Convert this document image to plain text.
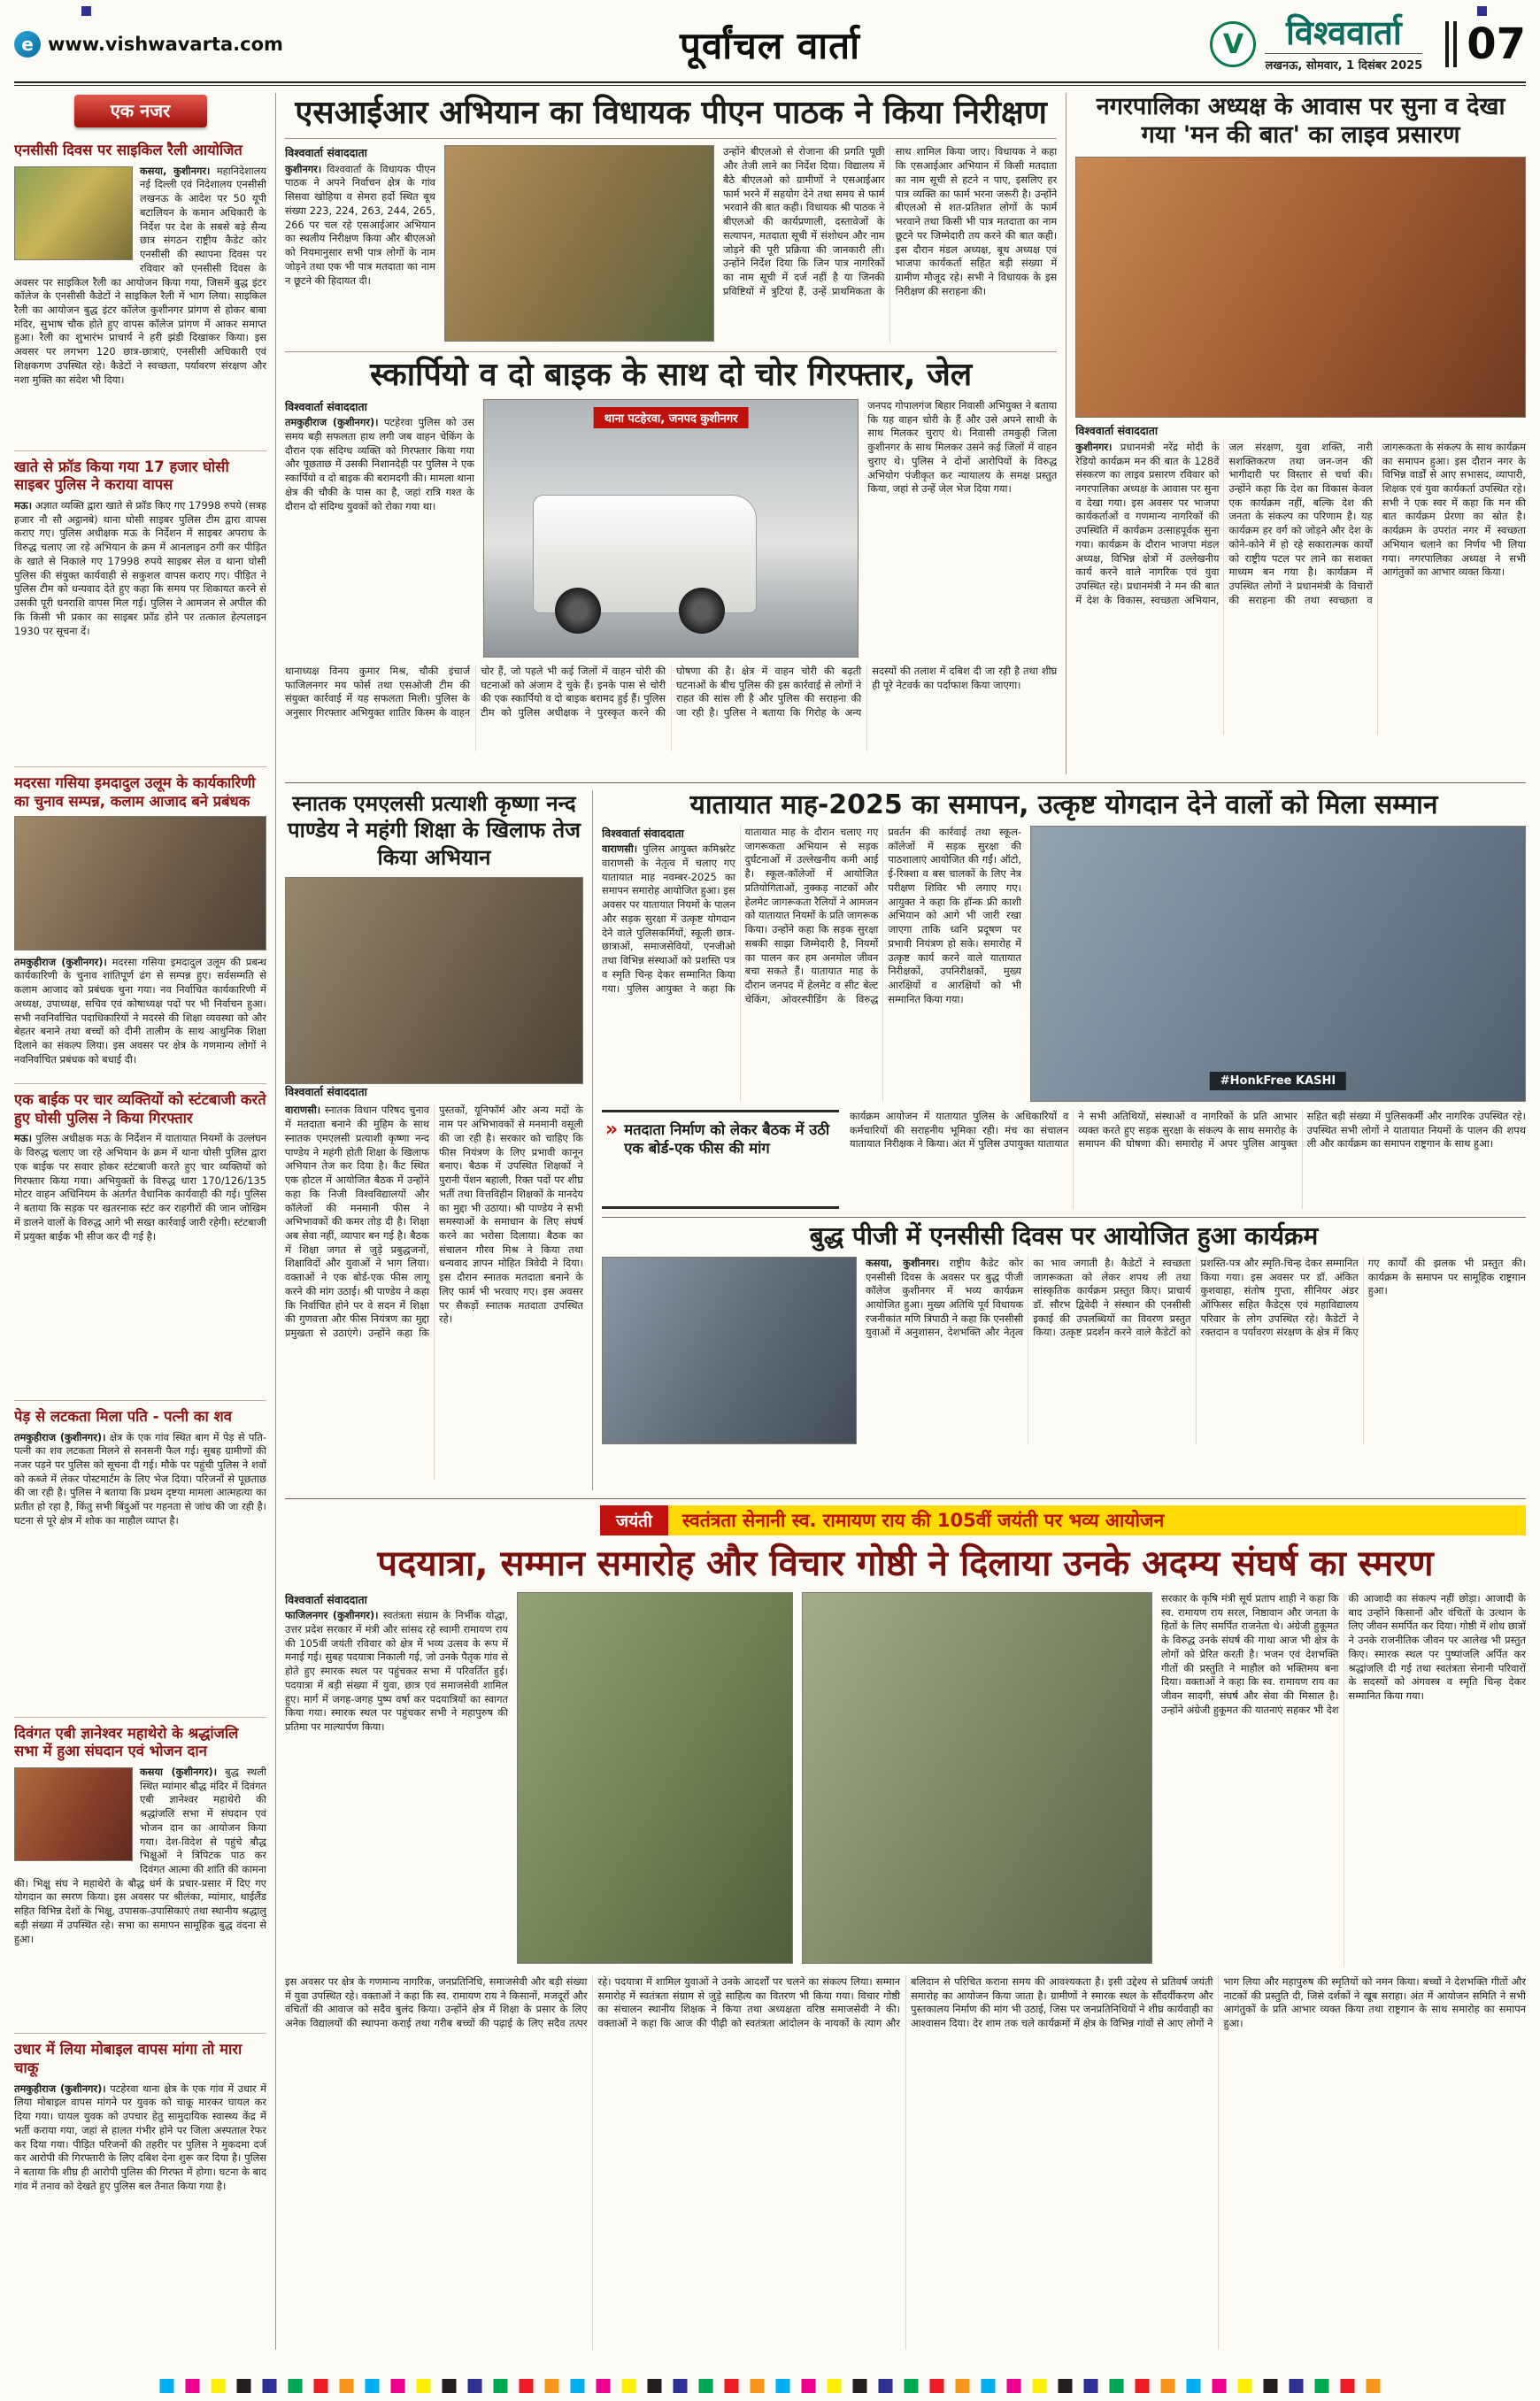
e www.vishwavarta.com	पूर्वांचल वार्ता	V	विश्ववार्ता
लखनऊ, सोमवार, 1 दिसंबर 2025 07
एक नजर
एनसीसी दिवस पर साइकिल रैली आयोजित
कसया, कुशीनगर। महानिदेशालय नई दिल्ली एवं निदेशालय एनसीसी लखनऊ के आदेश पर 50 यूपी बटालियन के कमान अधिकारी के निर्देश पर देश के सबसे बड़े सैन्य छात्र संगठन राष्ट्रीय कैडेट कोर एनसीसी की स्थापना दिवस पर रविवार को एनसीसी दिवस के अवसर पर साइकिल रैली का आयोजन किया गया, जिसमें बुद्ध इंटर कॉलेज के एनसीसी कैडेटों ने साइकिल रैली में भाग लिया। साइकिल रैली का आयोजन बुद्ध इंटर कॉलेज कुशीनगर प्रांगण से होकर बाबा मंदिर, सुभाष चौक होते हुए वापस कॉलेज प्रांगण में आकर समाप्त हुआ। रैली का शुभारंभ प्राचार्य ने हरी झंडी दिखाकर किया। इस अवसर पर लगभग 120 छात्र-छात्राएं, एनसीसी अधिकारी एवं शिक्षकगण उपस्थित रहे। कैडेटों ने स्वच्छता, पर्यावरण संरक्षण और नशा मुक्ति का संदेश भी दिया।
खाते से फ्रॉड किया गया 17 हजार घोसी साइबर पुलिस ने कराया वापस
मऊ। अज्ञात व्यक्ति द्वारा खाते से फ्रॉड किए गए 17998 रुपये (सत्रह हजार नौ सौ अट्ठानबे) थाना घोसी साइबर पुलिस टीम द्वारा वापस कराए गए। पुलिस अधीक्षक मऊ के निर्देशन में साइबर अपराध के विरुद्ध चलाए जा रहे अभियान के क्रम में आनलाइन ठगी कर पीड़ित के खाते से निकाले गए 17998 रुपये साइबर सेल व थाना घोसी पुलिस की संयुक्त कार्यवाही से सकुशल वापस कराए गए। पीड़ित ने पुलिस टीम को धन्यवाद देते हुए कहा कि समय पर शिकायत करने से उसकी पूरी धनराशि वापस मिल गई। पुलिस ने आमजन से अपील की कि किसी भी प्रकार का साइबर फ्रॉड होने पर तत्काल हेल्पलाइन 1930 पर सूचना दें।
मदरसा गसिया इमदादुल उलूम के कार्यकारिणी का चुनाव सम्पन्न, कलाम आजाद बने प्रबंधक
तमकुहीराज (कुशीनगर)। मदरसा गसिया इमदादुल उलूम की प्रबन्ध कार्यकारिणी के चुनाव शांतिपूर्ण ढंग से सम्पन्न हुए। सर्वसम्मति से कलाम आजाद को प्रबंधक चुना गया। नव निर्वाचित कार्यकारिणी में अध्यक्ष, उपाध्यक्ष, सचिव एवं कोषाध्यक्ष पदों पर भी निर्वाचन हुआ। सभी नवनिर्वाचित पदाधिकारियों ने मदरसे की शिक्षा व्यवस्था को और बेहतर बनाने तथा बच्चों को दीनी तालीम के साथ आधुनिक शिक्षा दिलाने का संकल्प लिया। इस अवसर पर क्षेत्र के गणमान्य लोगों ने नवनिर्वाचित प्रबंधक को बधाई दी।
एक बाईक पर चार व्यक्तियों को स्टंटबाजी करते हुए घोसी पुलिस ने किया गिरफ्तार
मऊ। पुलिस अधीक्षक मऊ के निर्देशन में यातायात नियमों के उल्लंघन के विरुद्ध चलाए जा रहे अभियान के क्रम में थाना घोसी पुलिस द्वारा एक बाईक पर सवार होकर स्टंटबाजी करते हुए चार व्यक्तियों को गिरफ्तार किया गया। अभियुक्तों के विरुद्ध धारा 170/126/135 मोटर वाहन अधिनियम के अंतर्गत वैधानिक कार्यवाही की गई। पुलिस ने बताया कि सड़क पर खतरनाक स्टंट कर राहगीरों की जान जोखिम में डालने वालों के विरुद्ध आगे भी सख्त कार्रवाई जारी रहेगी। स्टंटबाजी में प्रयुक्त बाईक भी सीज कर दी गई है।
पेड़ से लटकता मिला पति - पत्नी का शव
तमकुहीराज (कुशीनगर)। क्षेत्र के एक गांव स्थित बाग में पेड़ से पति-पत्नी का शव लटकता मिलने से सनसनी फैल गई। सुबह ग्रामीणों की नजर पड़ने पर पुलिस को सूचना दी गई। मौके पर पहुंची पुलिस ने शवों को कब्जे में लेकर पोस्टमार्टम के लिए भेज दिया। परिजनों से पूछताछ की जा रही है। पुलिस ने बताया कि प्रथम दृष्टया मामला आत्महत्या का प्रतीत हो रहा है, किंतु सभी बिंदुओं पर गहनता से जांच की जा रही है। घटना से पूरे क्षेत्र में शोक का माहौल व्याप्त है।
दिवंगत एबी ज्ञानेश्वर महाथेरो के श्रद्धांजलि सभा में हुआ संघदान एवं भोजन दान
कसया (कुशीनगर)। बुद्ध स्थली स्थित म्यांमार बौद्ध मंदिर में दिवंगत एबी ज्ञानेश्वर महाथेरो की श्रद्धांजलि सभा में संघदान एवं भोजन दान का आयोजन किया गया। देश-विदेश से पहुंचे बौद्ध भिक्षुओं ने त्रिपिटक पाठ कर दिवंगत आत्मा की शांति की कामना की। भिक्षु संघ ने महाथेरो के बौद्ध धर्म के प्रचार-प्रसार में दिए गए योगदान का स्मरण किया। इस अवसर पर श्रीलंका, म्यांमार, थाईलैंड सहित विभिन्न देशों के भिक्षु, उपासक-उपासिकाएं तथा स्थानीय श्रद्धालु बड़ी संख्या में उपस्थित रहे। सभा का समापन सामूहिक बुद्ध वंदना से हुआ।
उधार में लिया मोबाइल वापस मांगा तो मारा चाकू
तमकुहीराज (कुशीनगर)। पटहेरवा थाना क्षेत्र के एक गांव में उधार में लिया मोबाइल वापस मांगने पर युवक को चाकू मारकर घायल कर दिया गया। घायल युवक को उपचार हेतु सामुदायिक स्वास्थ्य केंद्र में भर्ती कराया गया, जहां से हालत गंभीर होने पर जिला अस्पताल रेफर कर दिया गया। पीड़ित परिजनों की तहरीर पर पुलिस ने मुकदमा दर्ज कर आरोपी की गिरफ्तारी के लिए दबिश देना शुरू कर दिया है। पुलिस ने बताया कि शीघ्र ही आरोपी पुलिस की गिरफ्त में होगा। घटना के बाद गांव में तनाव को देखते हुए पुलिस बल तैनात किया गया है।
एसआईआर अभियान का विधायक पीएन पाठक ने किया निरीक्षण
विश्ववार्ता संवाददाता
कुशीनगर। विश्ववार्ता के विधायक पीएन पाठक ने अपने निर्वाचन क्षेत्र के गांव सिसवा खोहिया व सेमरा हर्दो स्थित बूथ संख्या 223, 224, 263, 244, 265, 266 पर चल रहे एसआईआर अभियान का स्थलीय निरीक्षण किया और बीएलओ को नियमानुसार सभी पात्र लोगों के नाम जोड़ने तथा एक भी पात्र मतदाता का नाम न छूटने की हिदायत दी।
उन्होंने बीएलओ से रोजाना की प्रगति पूछी और तेजी लाने का निर्देश दिया। विद्यालय में बैठे बीएलओ को ग्रामीणों ने एसआईआर फार्म भरने में सहयोग देने तथा समय से फार्म भरवाने की बात कही। विधायक श्री पाठक ने बीएलओ की कार्यप्रणाली, दस्तावेजों के सत्यापन, मतदाता सूची में संशोधन और नाम जोड़ने की पूरी प्रक्रिया की जानकारी ली। उन्होंने निर्देश दिया कि जिन पात्र नागरिकों का नाम सूची में दर्ज नहीं है या जिनकी प्रविष्टियों में त्रुटियां हैं, उन्हें प्राथमिकता के साथ शामिल किया जाए। विधायक ने कहा कि एसआईआर अभियान में किसी मतदाता का नाम सूची से हटने न पाए, इसलिए हर पात्र व्यक्ति का फार्म भरना जरूरी है। उन्होंने बीएलओ से शत-प्रतिशत लोगों के फार्म भरवाने तथा किसी भी पात्र मतदाता का नाम छूटने पर जिम्मेदारी तय करने की बात कही। इस दौरान मंडल अध्यक्ष, बूथ अध्यक्ष एवं भाजपा कार्यकर्ता सहित बड़ी संख्या में ग्रामीण मौजूद रहे। सभी ने विधायक के इस निरीक्षण की सराहना की।
स्कार्पियो व दो बाइक के साथ दो चोर गिरफ्तार, जेल
विश्ववार्ता संवाददाता
तमकुहीराज (कुशीनगर)। पटहेरवा पुलिस को उस समय बड़ी सफलता हाथ लगी जब वाहन चेकिंग के दौरान एक संदिग्ध व्यक्ति को गिरफ्तार किया गया और पूछताछ में उसकी निशानदेही पर पुलिस ने एक स्कार्पियो व दो बाइक की बरामदगी की। मामला थाना क्षेत्र की चौकी के पास का है, जहां रात्रि गश्त के दौरान दो संदिग्ध युवकों को रोका गया था।
थाना पटहेरवा, जनपद कुशीनगर
जनपद गोपालगंज बिहार निवासी अभियुक्त ने बताया कि यह वाहन चोरी के हैं और उसे अपने साथी के साथ मिलकर चुराए थे। निवासी तमकुही जिला कुशीनगर के साथ मिलकर उसने कई जिलों में वाहन चुराए थे। पुलिस ने दोनों आरोपियों के विरुद्ध अभियोग पंजीकृत कर न्यायालय के समक्ष प्रस्तुत किया, जहां से उन्हें जेल भेज दिया गया।
थानाध्यक्ष विनय कुमार मिश्र, चौकी इंचार्ज फाजिलनगर मय फोर्स तथा एसओजी टीम की संयुक्त कार्रवाई में यह सफलता मिली। पुलिस के अनुसार गिरफ्तार अभियुक्त शातिर किस्म के वाहन चोर हैं, जो पहले भी कई जिलों में वाहन चोरी की घटनाओं को अंजाम दे चुके हैं। इनके पास से चोरी की एक स्कार्पियो व दो बाइक बरामद हुई हैं। पुलिस टीम को पुलिस अधीक्षक ने पुरस्कृत करने की घोषणा की है। क्षेत्र में वाहन चोरी की बढ़ती घटनाओं के बीच पुलिस की इस कार्रवाई से लोगों ने राहत की सांस ली है और पुलिस की सराहना की जा रही है। पुलिस ने बताया कि गिरोह के अन्य सदस्यों की तलाश में दबिश दी जा रही है तथा शीघ्र ही पूरे नेटवर्क का पर्दाफाश किया जाएगा।
नगरपालिका अध्यक्ष के आवास पर सुना व देखा गया 'मन की बात' का लाइव प्रसारण
विश्ववार्ता संवाददाता
कुशीनगर। प्रधानमंत्री नरेंद्र मोदी के रेडियो कार्यक्रम मन की बात के 128वें संस्करण का लाइव प्रसारण रविवार को नगरपालिका अध्यक्ष के आवास पर सुना व देखा गया। इस अवसर पर भाजपा कार्यकर्ताओं व गणमान्य नागरिकों की उपस्थिति में कार्यक्रम उत्साहपूर्वक सुना गया। कार्यक्रम के दौरान भाजपा मंडल अध्यक्ष, विभिन्न क्षेत्रों में उल्लेखनीय कार्य करने वाले नागरिक एवं युवा उपस्थित रहे। प्रधानमंत्री ने मन की बात में देश के विकास, स्वच्छता अभियान, जल संरक्षण, युवा शक्ति, नारी सशक्तिकरण तथा जन-जन की भागीदारी पर विस्तार से चर्चा की। उन्होंने कहा कि देश का विकास केवल एक कार्यक्रम नहीं, बल्कि देश की जनता के संकल्प का परिणाम है। यह कार्यक्रम हर वर्ग को जोड़ने और देश के कोने-कोने में हो रहे सकारात्मक कार्यों को राष्ट्रीय पटल पर लाने का सशक्त माध्यम बन गया है। कार्यक्रम में उपस्थित लोगों ने प्रधानमंत्री के विचारों की सराहना की तथा स्वच्छता व जागरूकता के संकल्प के साथ कार्यक्रम का समापन हुआ। इस दौरान नगर के विभिन्न वार्डों से आए सभासद, व्यापारी, शिक्षक एवं युवा कार्यकर्ता उपस्थित रहे। सभी ने एक स्वर में कहा कि मन की बात कार्यक्रम प्रेरणा का स्रोत है। कार्यक्रम के उपरांत नगर में स्वच्छता अभियान चलाने का निर्णय भी लिया गया। नगरपालिका अध्यक्ष ने सभी आगंतुकों का आभार व्यक्त किया।
स्नातक एमएलसी प्रत्याशी कृष्णा नन्द पाण्डेय ने महंगी शिक्षा के खिलाफ तेज किया अभियान
विश्ववार्ता संवाददाता
वाराणसी। स्नातक विधान परिषद चुनाव में मतदाता बनाने की मुहिम के साथ स्नातक एमएलसी प्रत्याशी कृष्णा नन्द पाण्डेय ने महंगी होती शिक्षा के खिलाफ अभियान तेज कर दिया है। कैंट स्थित एक होटल में आयोजित बैठक में उन्होंने कहा कि निजी विश्वविद्यालयों और कॉलेजों की मनमानी फीस ने अभिभावकों की कमर तोड़ दी है। शिक्षा अब सेवा नहीं, व्यापार बन गई है। बैठक में शिक्षा जगत से जुड़े प्रबुद्धजनों, शिक्षाविदों और युवाओं ने भाग लिया। वक्ताओं ने एक बोर्ड-एक फीस लागू करने की मांग उठाई। श्री पाण्डेय ने कहा कि निर्वाचित होने पर वे सदन में शिक्षा की गुणवत्ता और फीस नियंत्रण का मुद्दा प्रमुखता से उठाएंगे। उन्होंने कहा कि पुस्तकों, यूनिफॉर्म और अन्य मदों के नाम पर अभिभावकों से मनमानी वसूली की जा रही है। सरकार को चाहिए कि फीस नियंत्रण के लिए प्रभावी कानून बनाए। बैठक में उपस्थित शिक्षकों ने पुरानी पेंशन बहाली, रिक्त पदों पर शीघ्र भर्ती तथा वित्तविहीन शिक्षकों के मानदेय का मुद्दा भी उठाया। श्री पाण्डेय ने सभी समस्याओं के समाधान के लिए संघर्ष करने का भरोसा दिलाया। बैठक का संचालन गौरव मिश्र ने किया तथा धन्यवाद ज्ञापन मोहित त्रिवेदी ने दिया। इस दौरान स्नातक मतदाता बनाने के लिए फार्म भी भरवाए गए। इस अवसर पर सैकड़ों स्नातक मतदाता उपस्थित रहे।
यातायात माह-2025 का समापन, उत्कृष्ट योगदान देने वालों को मिला सम्मान
विश्ववार्ता संवाददाता
वाराणसी। पुलिस आयुक्त कमिश्नरेट वाराणसी के नेतृत्व में चलाए गए यातायात माह नवम्बर-2025 का समापन समारोह आयोजित हुआ। इस अवसर पर यातायात नियमों के पालन और सड़क सुरक्षा में उत्कृष्ट योगदान देने वाले पुलिसकर्मियों, स्कूली छात्र-छात्राओं, समाजसेवियों, एनजीओ तथा विभिन्न संस्थाओं को प्रशस्ति पत्र व स्मृति चिन्ह देकर सम्मानित किया गया। पुलिस आयुक्त ने कहा कि यातायात माह के दौरान चलाए गए जागरूकता अभियान से सड़क दुर्घटनाओं में उल्लेखनीय कमी आई है। स्कूल-कॉलेजों में आयोजित प्रतियोगिताओं, नुक्कड़ नाटकों और हेलमेट जागरूकता रैलियों ने आमजन को यातायात नियमों के प्रति जागरूक किया। उन्होंने कहा कि सड़क सुरक्षा सबकी साझा जिम्मेदारी है, नियमों का पालन कर हम अनमोल जीवन बचा सकते हैं। यातायात माह के दौरान जनपद में हेलमेट व सीट बेल्ट चेकिंग, ओवरस्पीडिंग के विरुद्ध प्रवर्तन की कार्रवाई तथा स्कूल-कॉलेजों में सड़क सुरक्षा की पाठशालाएं आयोजित की गईं। ऑटो, ई-रिक्शा व बस चालकों के लिए नेत्र परीक्षण शिविर भी लगाए गए। आयुक्त ने कहा कि हॉन्क फ्री काशी अभियान को आगे भी जारी रखा जाएगा ताकि ध्वनि प्रदूषण पर प्रभावी नियंत्रण हो सके। समारोह में उत्कृष्ट कार्य करने वाले यातायात निरीक्षकों, उपनिरीक्षकों, मुख्य आरक्षियों व आरक्षियों को भी सम्मानित किया गया।
#HonkFree KASHI
» मतदाता निर्माण को लेकर बैठक में उठी एक बोर्ड-एक फीस की मांग
कार्यक्रम आयोजन में यातायात पुलिस के अधिकारियों व कर्मचारियों की सराहनीय भूमिका रही। मंच का संचालन यातायात निरीक्षक ने किया। अंत में पुलिस उपायुक्त यातायात ने सभी अतिथियों, संस्थाओं व नागरिकों के प्रति आभार व्यक्त करते हुए सड़क सुरक्षा के संकल्प के साथ समारोह के समापन की घोषणा की। समारोह में अपर पुलिस आयुक्त सहित बड़ी संख्या में पुलिसकर्मी और नागरिक उपस्थित रहे। उपस्थित सभी लोगों ने यातायात नियमों के पालन की शपथ ली और कार्यक्रम का समापन राष्ट्रगान के साथ हुआ।
बुद्ध पीजी में एनसीसी दिवस पर आयोजित हुआ कार्यक्रम
कसया, कुशीनगर। राष्ट्रीय कैडेट कोर एनसीसी दिवस के अवसर पर बुद्ध पीजी कॉलेज कुशीनगर में भव्य कार्यक्रम आयोजित हुआ। मुख्य अतिथि पूर्व विधायक रजनीकांत मणि त्रिपाठी ने कहा कि एनसीसी युवाओं में अनुशासन, देशभक्ति और नेतृत्व का भाव जगाती है। कैडेटों ने स्वच्छता जागरूकता को लेकर शपथ ली तथा सांस्कृतिक कार्यक्रम प्रस्तुत किए। प्राचार्य डॉ. सौरभ द्विवेदी ने संस्थान की एनसीसी इकाई की उपलब्धियों का विवरण प्रस्तुत किया। उत्कृष्ट प्रदर्शन करने वाले कैडेटों को प्रशस्ति-पत्र और स्मृति-चिन्ह देकर सम्मानित किया गया। इस अवसर पर डॉ. अंकित कुशवाहा, संतोष गुप्ता, सीनियर अंडर ऑफिसर सहित कैडेट्स एवं महाविद्यालय परिवार के लोग उपस्थित रहे। कैडेटों ने रक्तदान व पर्यावरण संरक्षण के क्षेत्र में किए गए कार्यों की झलक भी प्रस्तुत की। कार्यक्रम के समापन पर सामूहिक राष्ट्रगान हुआ।
जयंती	स्वतंत्रता सेनानी स्व. रामायण राय की 105वीं जयंती पर भव्य आयोजन
पदयात्रा, सम्मान समारोह और विचार गोष्ठी ने दिलाया उनके अदम्य संघर्ष का स्मरण
विश्ववार्ता संवाददाता
फाजिलनगर (कुशीनगर)। स्वतंत्रता संग्राम के निर्भीक योद्धा, उत्तर प्रदेश सरकार में मंत्री और सांसद रहे स्वामी रामायण राय की 105वीं जयंती रविवार को क्षेत्र में भव्य उत्सव के रूप में मनाई गई। सुबह पदयात्रा निकाली गई, जो उनके पैतृक गांव से होते हुए स्मारक स्थल पर पहुंचकर सभा में परिवर्तित हुई। पदयात्रा में बड़ी संख्या में युवा, छात्र एवं समाजसेवी शामिल हुए। मार्ग में जगह-जगह पुष्प वर्षा कर पदयात्रियों का स्वागत किया गया। स्मारक स्थल पर पहुंचकर सभी ने महापुरुष की प्रतिमा पर माल्यार्पण किया।
सरकार के कृषि मंत्री सूर्य प्रताप शाही ने कहा कि स्व. रामायण राय सरल, निष्ठावान और जनता के हितों के लिए समर्पित राजनेता थे। अंग्रेजी हुकूमत के विरुद्ध उनके संघर्ष की गाथा आज भी क्षेत्र के लोगों को प्रेरित करती है। भजन एवं देशभक्ति गीतों की प्रस्तुति ने माहौल को भक्तिमय बना दिया। वक्ताओं ने कहा कि स्व. रामायण राय का जीवन सादगी, संघर्ष और सेवा की मिसाल है। उन्होंने अंग्रेजी हुकूमत की यातनाएं सहकर भी देश की आजादी का संकल्प नहीं छोड़ा। आजादी के बाद उन्होंने किसानों और वंचितों के उत्थान के लिए जीवन समर्पित कर दिया। गोष्ठी में शोध छात्रों ने उनके राजनीतिक जीवन पर आलेख भी प्रस्तुत किए। स्मारक स्थल पर पुष्पांजलि अर्पित कर श्रद्धांजलि दी गई तथा स्वतंत्रता सेनानी परिवारों के सदस्यों को अंगवस्त्र व स्मृति चिन्ह देकर सम्मानित किया गया।
इस अवसर पर क्षेत्र के गणमान्य नागरिक, जनप्रतिनिधि, समाजसेवी और बड़ी संख्या में युवा उपस्थित रहे। वक्ताओं ने कहा कि स्व. रामायण राय ने किसानों, मजदूरों और वंचितों की आवाज को सदैव बुलंद किया। उन्होंने क्षेत्र में शिक्षा के प्रसार के लिए अनेक विद्यालयों की स्थापना कराई तथा गरीब बच्चों की पढ़ाई के लिए सदैव तत्पर रहे। पदयात्रा में शामिल युवाओं ने उनके आदर्शों पर चलने का संकल्प लिया। सम्मान समारोह में स्वतंत्रता संग्राम से जुड़े साहित्य का वितरण भी किया गया। विचार गोष्ठी का संचालन स्थानीय शिक्षक ने किया तथा अध्यक्षता वरिष्ठ समाजसेवी ने की। वक्ताओं ने कहा कि आज की पीढ़ी को स्वतंत्रता आंदोलन के नायकों के त्याग और बलिदान से परिचित कराना समय की आवश्यकता है। इसी उद्देश्य से प्रतिवर्ष जयंती समारोह का आयोजन किया जाता है। ग्रामीणों ने स्मारक स्थल के सौंदर्यीकरण और पुस्तकालय निर्माण की मांग भी उठाई, जिस पर जनप्रतिनिधियों ने शीघ्र कार्यवाही का आश्वासन दिया। देर शाम तक चले कार्यक्रमों में क्षेत्र के विभिन्न गांवों से आए लोगों ने भाग लिया और महापुरुष की स्मृतियों को नमन किया। बच्चों ने देशभक्ति गीतों और नाटकों की प्रस्तुति दी, जिसे दर्शकों ने खूब सराहा। अंत में आयोजन समिति ने सभी आगंतुकों के प्रति आभार व्यक्त किया तथा राष्ट्रगान के साथ समारोह का समापन हुआ।
